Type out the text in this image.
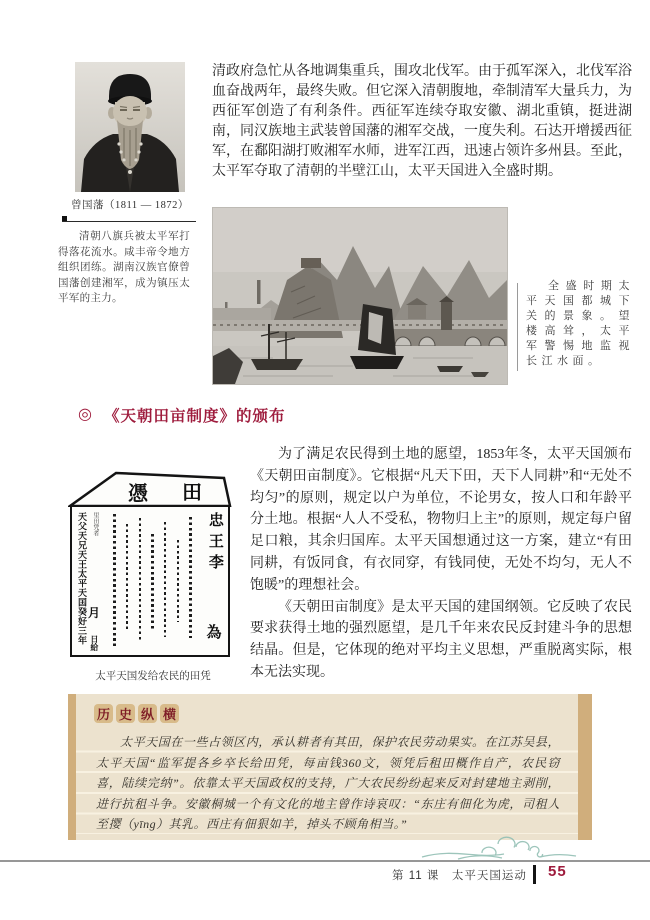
曾国藩（1811 — 1872）
清政府急忙从各地调集重兵，围攻北伐军。由于孤军深入，北伐军浴血奋战两年，最终失败。但它深入清朝腹地，牵制清军大量兵力，为西征军创造了有利条件。西征军连续夺取安徽、湖北重镇，挺进湖南，同汉族地主武装曾国藩的湘军交战，一度失利。石达开增援西征军，在鄱阳湖打败湘军水师，进军江西，迅速占领许多州县。至此，太平军夺取了清朝的半壁江山，太平天国进入全盛时期。
清朝八旗兵被太平军打得落花流水。咸丰帝令地方组织团练。湖南汉族官僚曾国藩创建湘军，成为镇压太平军的主力。
全盛时期太平天国都城下关的景象。望楼高耸，太平军警惕地监视长江水面。
◎ 《天朝田亩制度》的颁布
憑 田
天父天兄天王太平天囯癸好三年 里田凭者
月
日給
忠王李
為
太平天国发给农民的田凭

为了满足农民得到土地的愿望，1853年冬，太平天国颁布《天朝田亩制度》。它根据“凡天下田，天下人同耕”和“无处不均匀”的原则，规定以户为单位，不论男女，按人口和年龄平分土地。根据“人人不受私，物物归上主”的原则，规定每户留足口粮，其余归国库。太平天国想通过这一方案，建立“有田同耕，有饭同食，有衣同穿，有钱同使，无处不均匀，无人不饱暖”的理想社会。

《天朝田亩制度》是太平天国的建国纲领。它反映了农民要求获得土地的强烈愿望，是几千年来农民反封建斗争的思想结晶。但是，它体现的绝对平均主义思想，严重脱离实际，根本无法实现。

历 史 纵 横
太平天国在一些占领区内，承认耕者有其田，保护农民劳动果实。在江苏吴县，太平天国“监军提各乡卒长给田凭，每亩钱360文，领凭后租田概作自产，农民窃喜，陆续完纳”。依靠太平天国政权的支持，广大农民纷纷起来反对封建地主剥削，进行抗租斗争。安徽桐城一个有文化的地主曾作诗哀叹：“东庄有佃化为虎，司租人至撄（yīng）其乳。西庄有佃狠如羊，掉头不顾角相当。”
第 11 课　太平天国运动 55
